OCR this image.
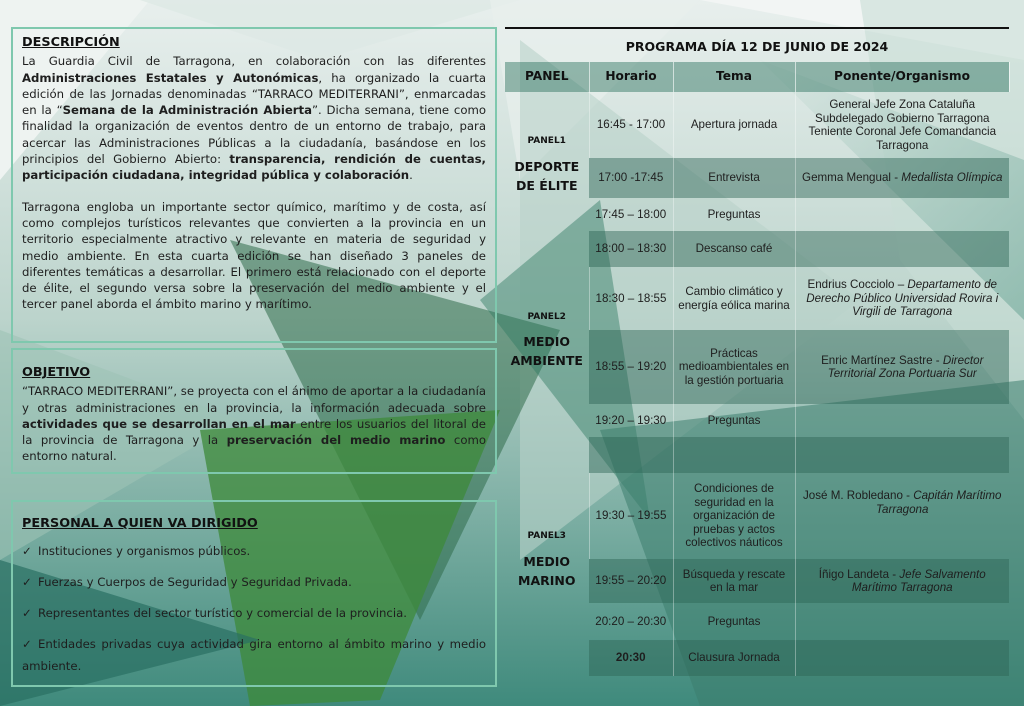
DESCRIPCIÓN

La Guardia Civil de Tarragona, en colaboración con las diferentes Administraciones Estatales y Autonómicas, ha organizado la cuarta edición de las Jornadas denominadas “TARRACO MEDITERRANI”, enmarcadas en la “Semana de la Administración Abierta”. Dicha semana, tiene como finalidad la organización de eventos dentro de un entorno de trabajo, para acercar las Administraciones Públicas a la ciudadanía, basándose en los principios del Gobierno Abierto: transparencia, rendición de cuentas, participación ciudadana, integridad pública y colaboración.

Tarragona engloba un importante sector químico, marítimo y de costa, así como complejos turísticos relevantes que convierten a la provincia en un territorio especialmente atractivo y relevante en materia de seguridad y medio ambiente. En esta cuarta edición se han diseñado 3 paneles de diferentes temáticas a desarrollar. El primero está relacionado con el deporte de élite, el segundo versa sobre la preservación del medio ambiente y el tercer panel aborda el ámbito marino y marítimo.

OBJETIVO

“TARRACO MEDITERRANI”, se proyecta con el ánimo de aportar a la ciudadanía y otras administraciones en la provincia, la información adecuada sobre actividades que se desarrollan en el mar entre los usuarios del litoral de la provincia de Tarragona y la preservación del medio marino como entorno natural.

PERSONAL A QUIEN VA DIRIGIDO
✓ Instituciones y organismos públicos.
✓ Fuerzas y Cuerpos de Seguridad y Seguridad Privada.
✓ Representantes del sector turístico y comercial de la provincia.
✓ Entidades privadas cuya actividad gira entorno al ámbito marino y medio ambiente.
PROGRAMA DÍA 12 DE JUNIO DE 2024
PANEL	Horario	Tema	Ponente/Organismo

PANEL1
DEPORTE
DE ÉLITE	16:45 - 17:00	Apertura jornada	General Jefe Zona Cataluña Subdelegado Gobierno Tarragona Teniente Coronal Jefe Comandancia Tarragona
	17:00 -17:45	Entrevista	Gemma Mengual - Medallista Olímpica
	17:45 – 18:00	Preguntas	
	18:00 – 18:30	Descanso café	

PANEL2
MEDIO
AMBIENTE	18:30 – 18:55	Cambio climático y energía eólica marina	Endrius Cocciolo – Departamento de Derecho Público Universidad Rovira i Virgili de Tarragona
	18:55 – 19:20	Prácticas medioambientales en la gestión portuaria	Enric Martínez Sastre - Director Territorial Zona Portuaria Sur
	19:20 – 19:30	Preguntas	

PANEL3
MEDIO
MARINO	19:30 – 19:55	Condiciones de seguridad en la organización de pruebas y actos colectivos náuticos	José M. Robledano - Capitán Marítimo Tarragona
	19:55 – 20:20	Búsqueda y rescate en la mar	Íñigo Landeta - Jefe Salvamento Marítimo Tarragona
	20:20 – 20:30	Preguntas	
	20:30	Clausura Jornada	
